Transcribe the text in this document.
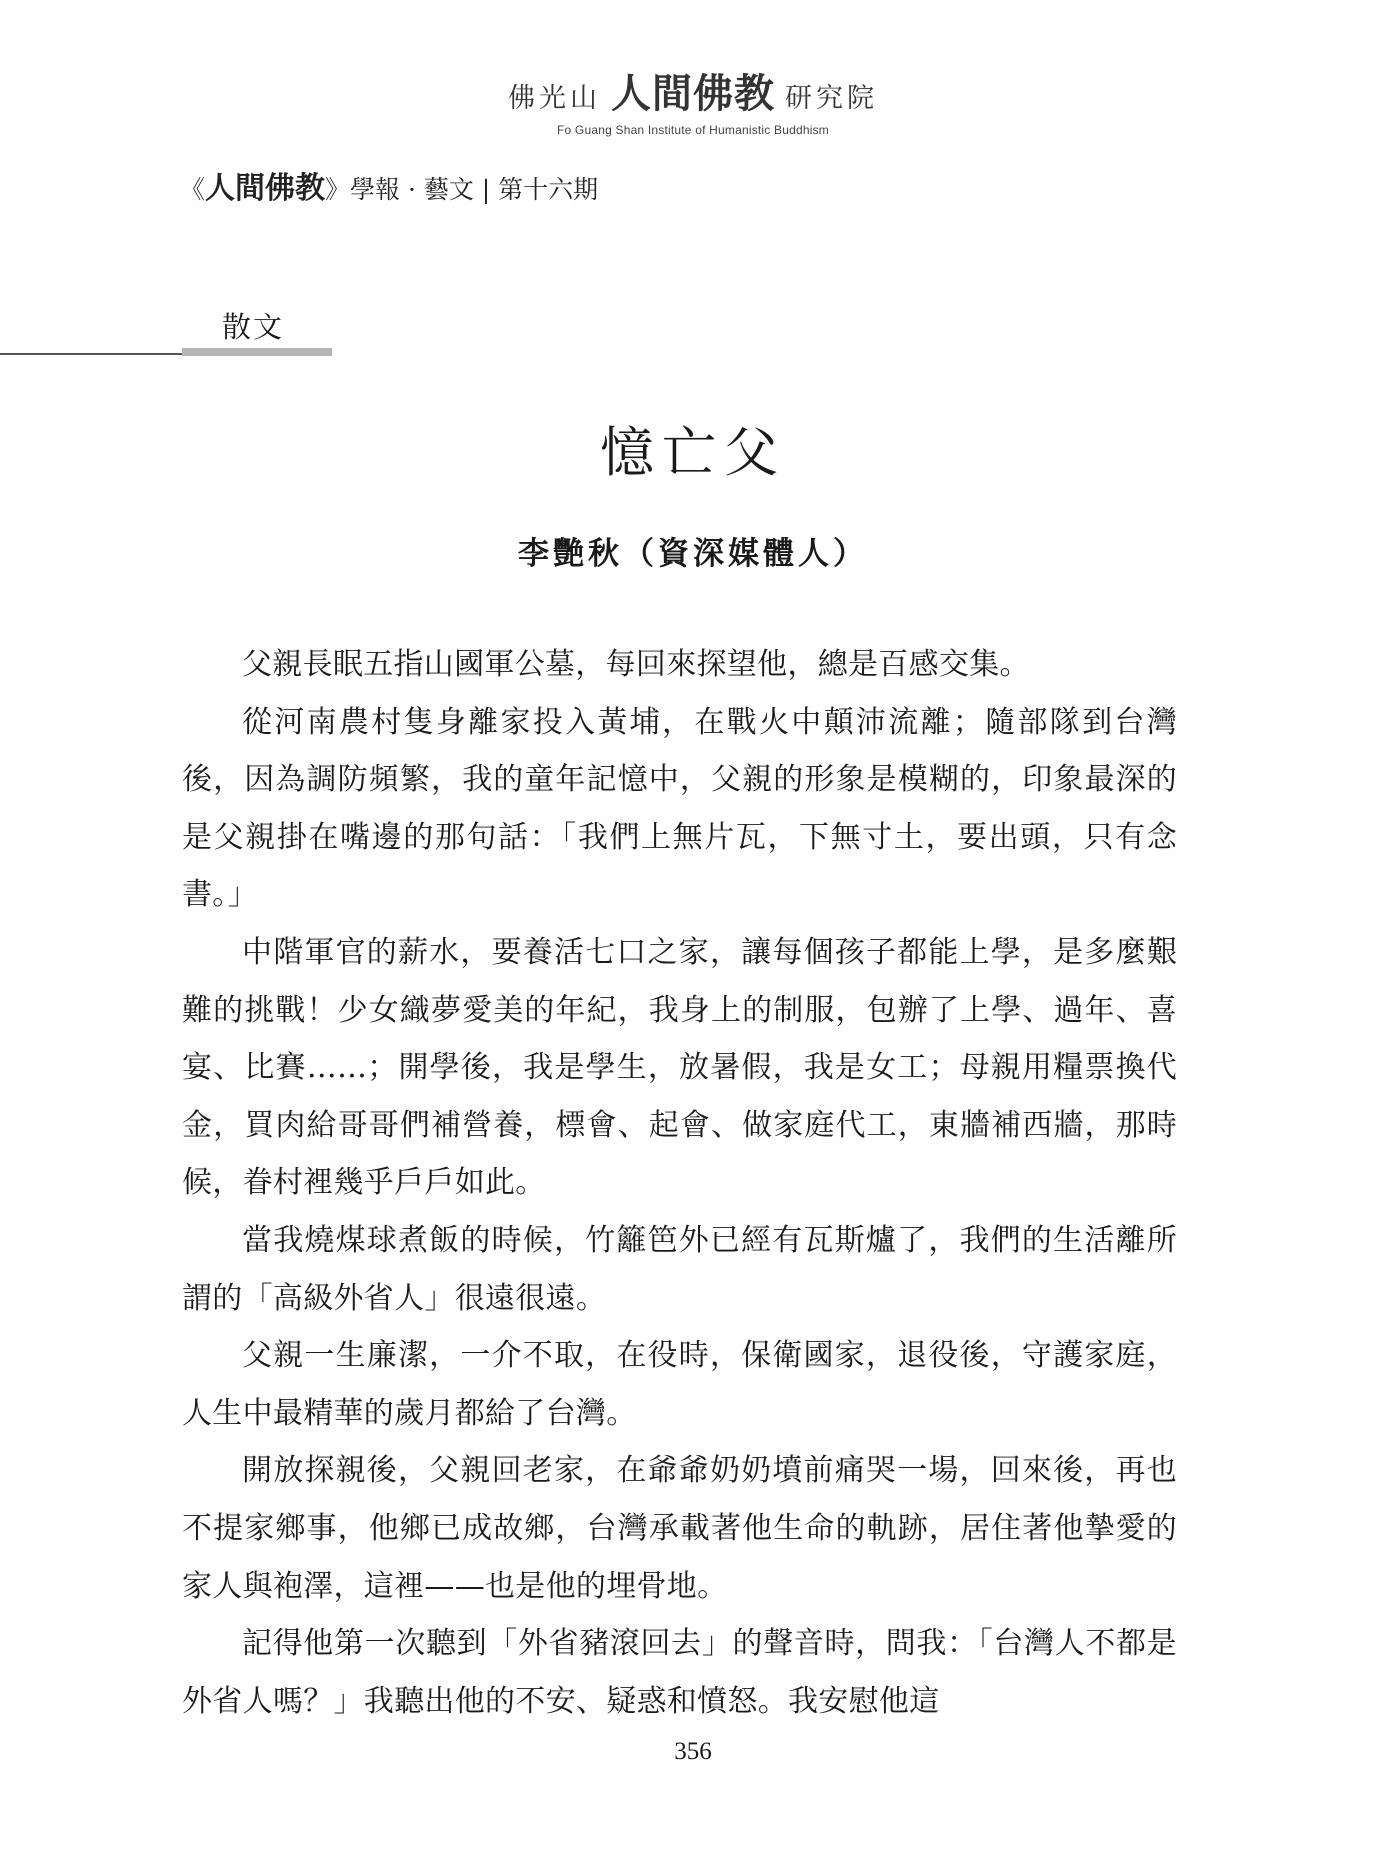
佛光山 人間佛教 研究院
Fo Guang Shan Institute of Humanistic Buddhism
《人間佛教》學報 · 藝文 | 第十六期
散文
憶亡父
李艷秋（資深媒體人）

父親長眠五指山國軍公墓，每回來探望他，總是百感交集。

從河南農村隻身離家投入黃埔，在戰火中顛沛流離；隨部隊到台灣後，因為調防頻繁，我的童年記憶中，父親的形象是模糊的，印象最深的是父親掛在嘴邊的那句話：「我們上無片瓦，下無寸土，要出頭，只有念書。」

中階軍官的薪水，要養活七口之家，讓每個孩子都能上學，是多麼艱難的挑戰！少女織夢愛美的年紀，我身上的制服，包辦了上學、過年、喜宴、比賽……；開學後，我是學生，放暑假，我是女工；母親用糧票換代金，買肉給哥哥們補營養，標會、起會、做家庭代工，東牆補西牆，那時候，眷村裡幾乎戶戶如此。

當我燒煤球煮飯的時候，竹籬笆外已經有瓦斯爐了，我們的生活離所謂的「高級外省人」很遠很遠。

父親一生廉潔，一介不取，在役時，保衛國家，退役後，守護家庭，人生中最精華的歲月都給了台灣。

開放探親後，父親回老家，在爺爺奶奶墳前痛哭一場，回來後，再也不提家鄉事，他鄉已成故鄉，台灣承載著他生命的軌跡，居住著他摯愛的家人與袍澤，這裡——也是他的埋骨地。

記得他第一次聽到「外省豬滾回去」的聲音時，問我：「台灣人不都是外省人嗎？」我聽出他的不安、疑惑和憤怒。我安慰他這

356
